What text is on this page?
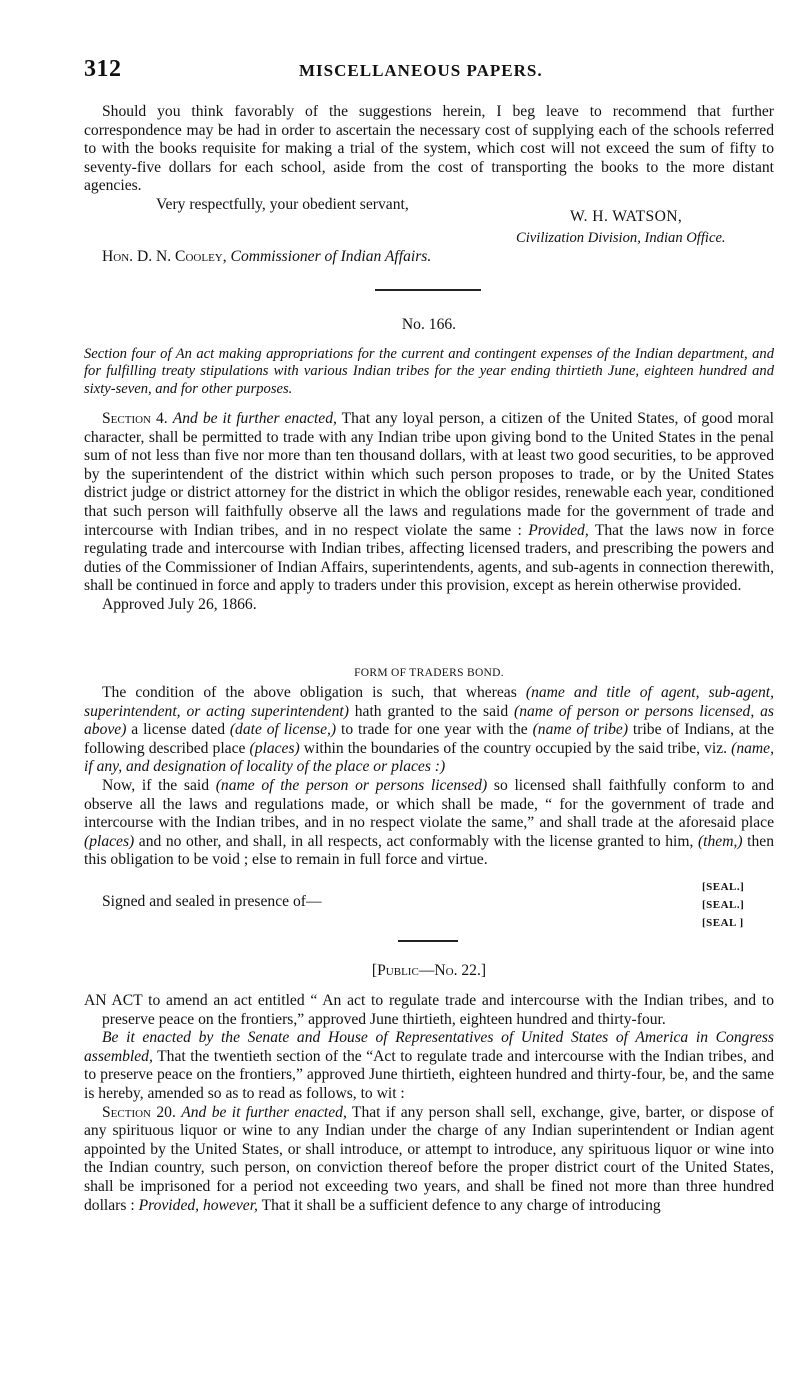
312	MISCELLANEOUS PAPERS.

Should you think favorably of the suggestions herein, I beg leave to recommend that further correspondence may be had in order to ascertain the necessary cost of supplying each of the schools referred to with the books requisite for making a trial of the system, which cost will not exceed the sum of fifty to seventy-five dollars for each school, aside from the cost of transporting the books to the more distant agencies.

Very respectfully, your obedient servant,

W. H. WATSON,
Civilization Division, Indian Office.
Hon. D. N. Cooley, Commissioner of Indian Affairs.
No. 166.
Section four of An act making appropriations for the current and contingent expenses of the Indian department, and for fulfilling treaty stipulations with various Indian tribes for the year ending thirtieth June, eighteen hundred and sixty-seven, and for other purposes.

Section 4. And be it further enacted, That any loyal person, a citizen of the United States, of good moral character, shall be permitted to trade with any Indian tribe upon giving bond to the United States in the penal sum of not less than five nor more than ten thousand dollars, with at least two good securities, to be approved by the superintendent of the district within which such person proposes to trade, or by the United States district judge or district attorney for the district in which the obligor resides, renewable each year, conditioned that such person will faithfully observe all the laws and regulations made for the government of trade and intercourse with Indian tribes, and in no respect violate the same : Provided, That the laws now in force regulating trade and intercourse with Indian tribes, affecting licensed traders, and prescribing the powers and duties of the Commissioner of Indian Affairs, superintendents, agents, and sub-agents in connection therewith, shall be continued in force and apply to traders under this provision, except as herein otherwise provided.

Approved July 26, 1866.

FORM OF TRADERS BOND.

The condition of the above obligation is such, that whereas (name and title of agent, sub-agent, superintendent, or acting superintendent) hath granted to the said (name of person or persons licensed, as above) a license dated (date of license,) to trade for one year with the (name of tribe) tribe of Indians, at the following described place (places) within the boundaries of the country occupied by the said tribe, viz. (name, if any, and designation of locality of the place or places :)

Now, if the said (name of the person or persons licensed) so licensed shall faithfully conform to and observe all the laws and regulations made, or which shall be made, “ for the government of trade and intercourse with the Indian tribes, and in no respect violate the same,” and shall trade at the aforesaid place (places) and no other, and shall, in all respects, act conformably with the license granted to him, (them,) then this obligation to be void ; else to remain in full force and virtue.

Signed and sealed in presence of—
[SEAL.]
[SEAL.]
[SEAL ]
[Public—No. 22.]

AN ACT to amend an act entitled “ An act to regulate trade and intercourse with the Indian tribes, and to preserve peace on the frontiers,” approved June thirtieth, eighteen hundred and thirty-four.

Be it enacted by the Senate and House of Representatives of United States of America in Congress assembled, That the twentieth section of the “Act to regulate trade and intercourse with the Indian tribes, and to preserve peace on the frontiers,” approved June thirtieth, eighteen hundred and thirty-four, be, and the same is hereby, amended so as to read as follows, to wit :

Section 20. And be it further enacted, That if any person shall sell, exchange, give, barter, or dispose of any spirituous liquor or wine to any Indian under the charge of any Indian superintendent or Indian agent appointed by the United States, or shall introduce, or attempt to introduce, any spirituous liquor or wine into the Indian country, such person, on conviction thereof before the proper district court of the United States, shall be imprisoned for a period not exceeding two years, and shall be fined not more than three hundred dollars : Provided, however, That it shall be a sufficient defence to any charge of introducing
